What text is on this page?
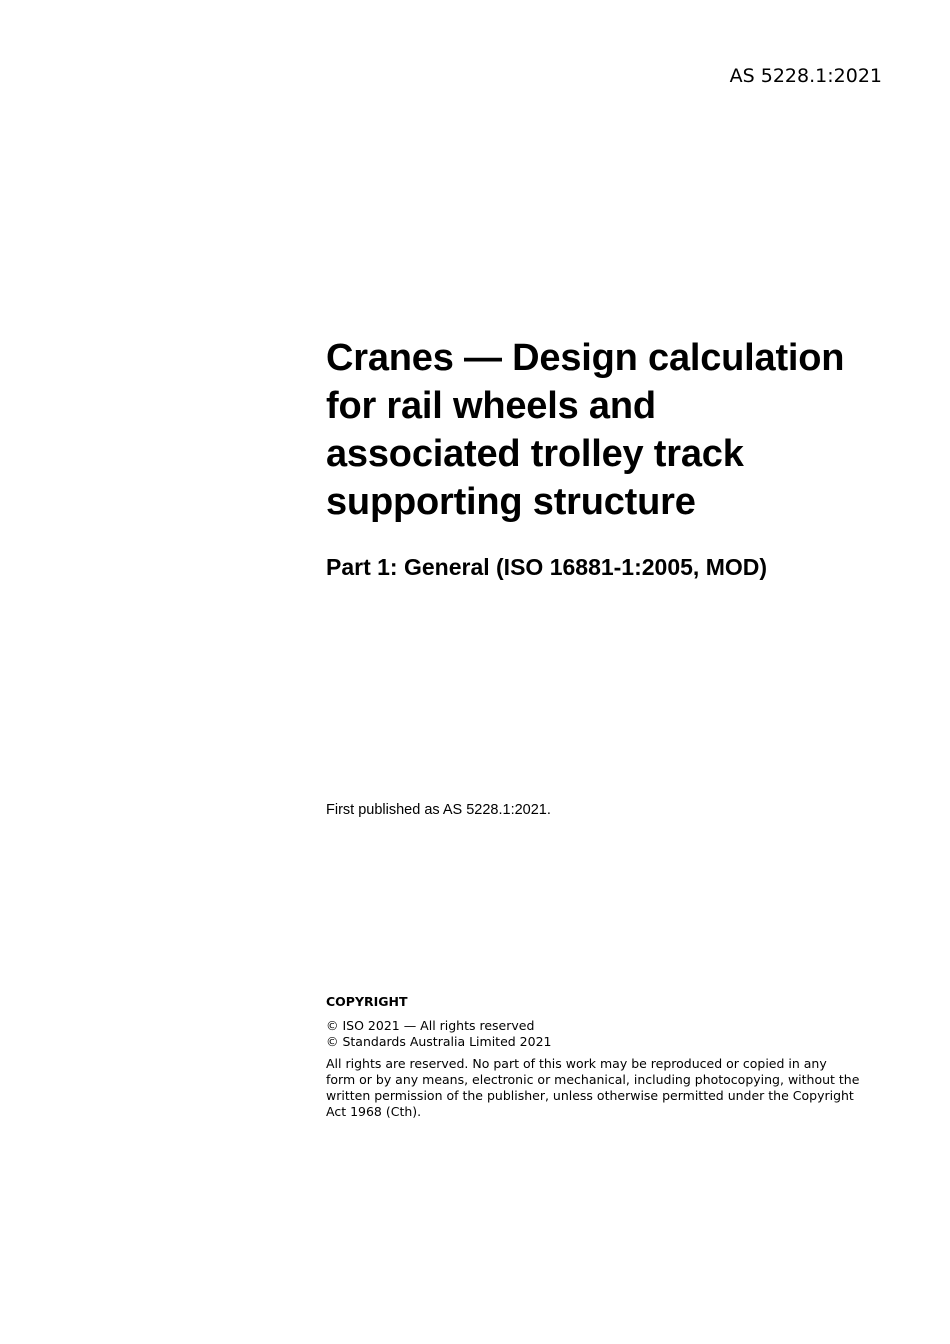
AS 5228.1:2021
Cranes — Design calculation
for rail wheels and
associated trolley track
supporting structure
Part 1: General (ISO 16881-1:2005, MOD)

First published as AS 5228.1:2021.

COPYRIGHT

© ISO 2021 — All rights reserved
© Standards Australia Limited 2021

All rights are reserved. No part of this work may be reproduced or copied in any
form or by any means, electronic or mechanical, including photocopying, without the
written permission of the publisher, unless otherwise permitted under the Copyright
Act 1968 (Cth).
